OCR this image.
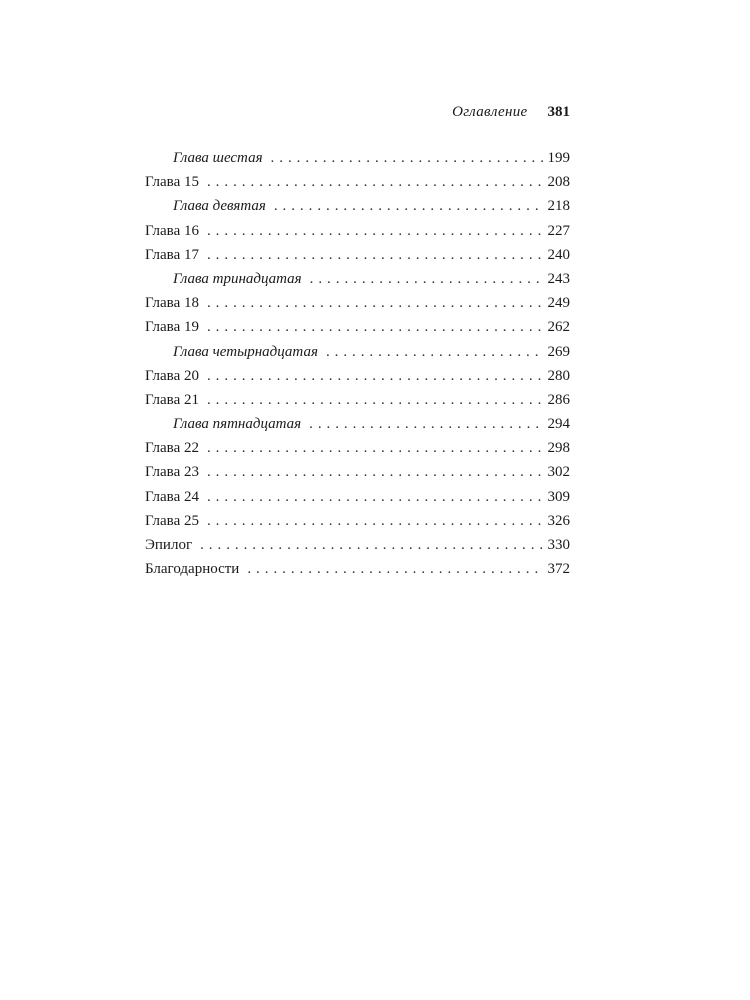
Оглавление 381
Глава шестая . . .	199
Глава 15 . . .	208
Глава девятая . . .	218
Глава 16 . . .	227
Глава 17 . . .	240
Глава тринадцатая . . .	243
Глава 18 . . .	249
Глава 19 . . .	262
Глава четырнадцатая . . .	269
Глава 20 . . .	280
Глава 21 . . .	286
Глава пятнадцатая . . .	294
Глава 22 . . .	298
Глава 23 . . .	302
Глава 24 . . .	309
Глава 25 . . .	326
Эпилог . . .	330
Благодарности . . .	372
